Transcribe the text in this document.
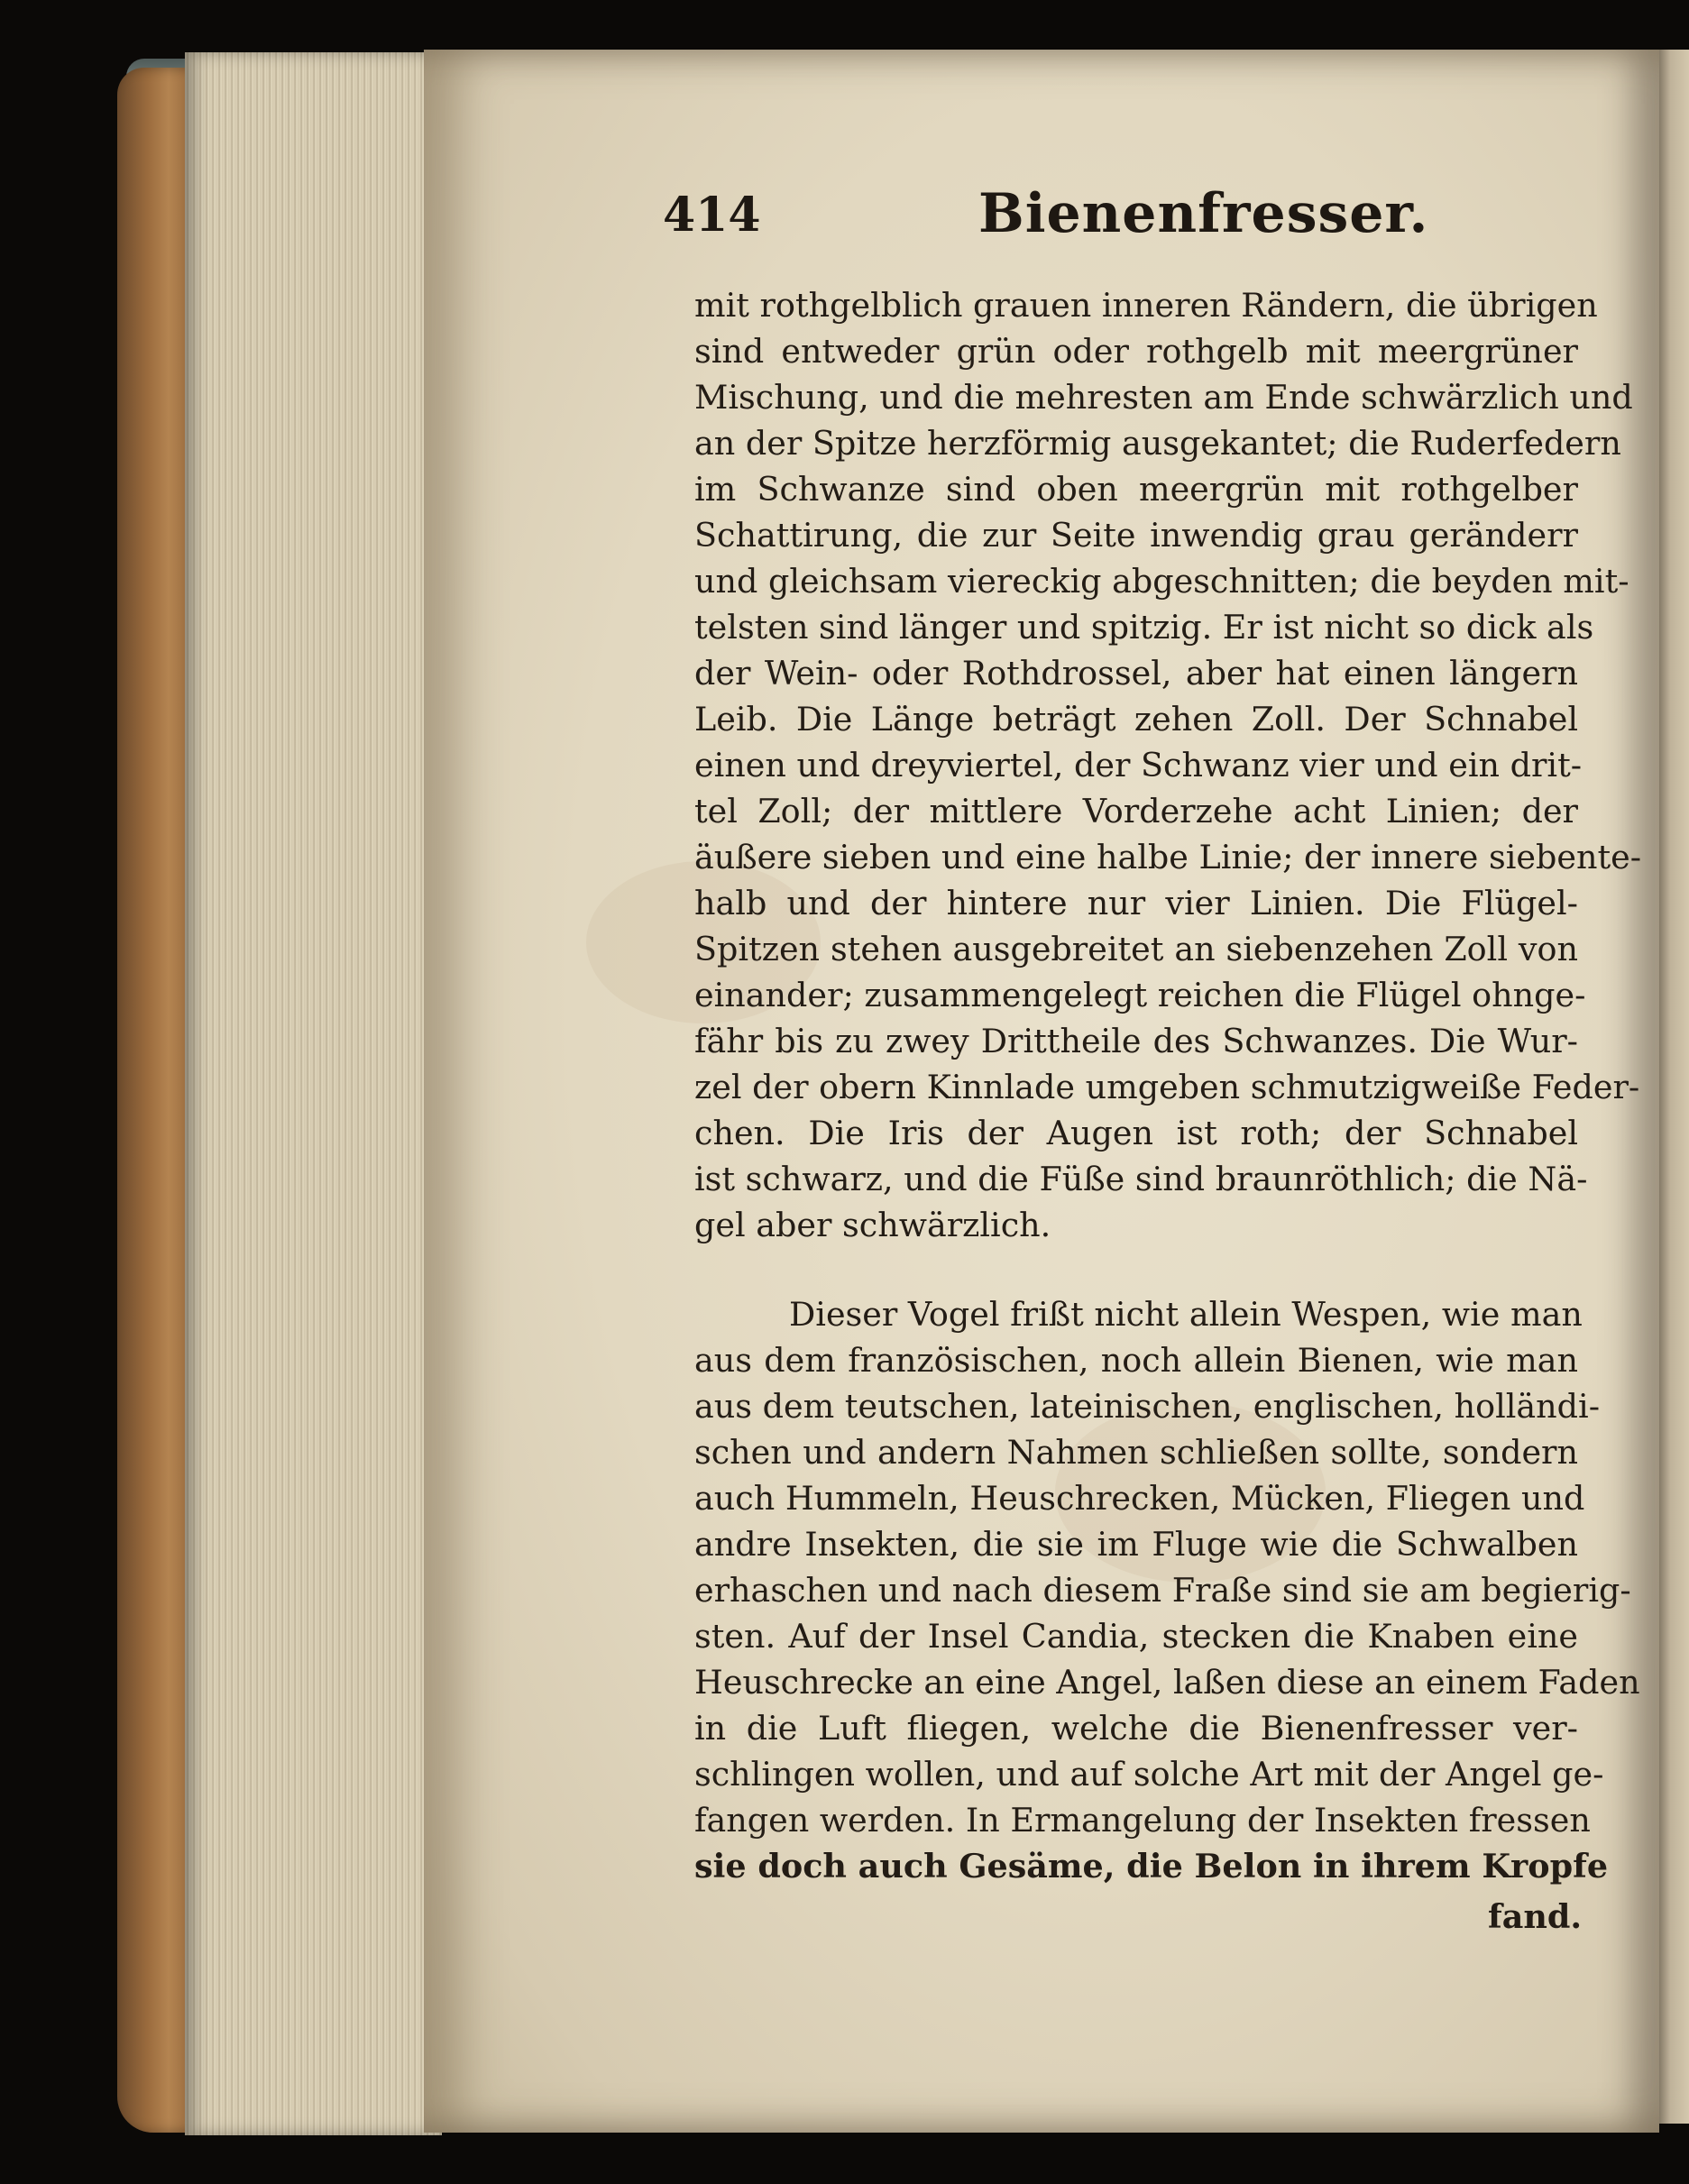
414	Bienenfresser.
mit rothgelblich grauen inneren Rändern, die übrigen
sind entweder grün oder rothgelb mit meergrüner
Mischung, und die mehresten am Ende schwärzlich und
an der Spitze herzförmig ausgekantet; die Ruderfedern
im Schwanze sind oben meergrün mit rothgelber
Schattirung, die zur Seite inwendig grau geränderr
und gleichsam viereckig abgeschnitten; die beyden mit-
telsten sind länger und spitzig. Er ist nicht so dick als
der Wein- oder Rothdrossel, aber hat einen längern
Leib. Die Länge beträgt zehen Zoll. Der Schnabel
einen und dreyviertel, der Schwanz vier und ein drit-
tel Zoll; der mittlere Vorderzehe acht Linien; der
äußere sieben und eine halbe Linie; der innere siebente-
halb und der hintere nur vier Linien. Die Flügel-
Spitzen stehen ausgebreitet an siebenzehen Zoll von
einander; zusammengelegt reichen die Flügel ohnge-
fähr bis zu zwey Drittheile des Schwanzes. Die Wur-
zel der obern Kinnlade umgeben schmutzigweiße Feder-
chen. Die Iris der Augen ist roth; der Schnabel
ist schwarz, und die Füße sind braunröthlich; die Nä-
gel aber schwärzlich.
Dieser Vogel frißt nicht allein Wespen, wie man
aus dem französischen, noch allein Bienen, wie man
aus dem teutschen, lateinischen, englischen, holländi-
schen und andern Nahmen schließen sollte, sondern
auch Hummeln, Heuschrecken, Mücken, Fliegen und
andre Insekten, die sie im Fluge wie die Schwalben
erhaschen und nach diesem Fraße sind sie am begierig-
sten. Auf der Insel Candia, stecken die Knaben eine
Heuschrecke an eine Angel, laßen diese an einem Faden
in die Luft fliegen, welche die Bienenfresser ver-
schlingen wollen, und auf solche Art mit der Angel ge-
fangen werden. In Ermangelung der Insekten fressen
sie doch auch Gesäme, die Belon in ihrem Kropfe
fand.
